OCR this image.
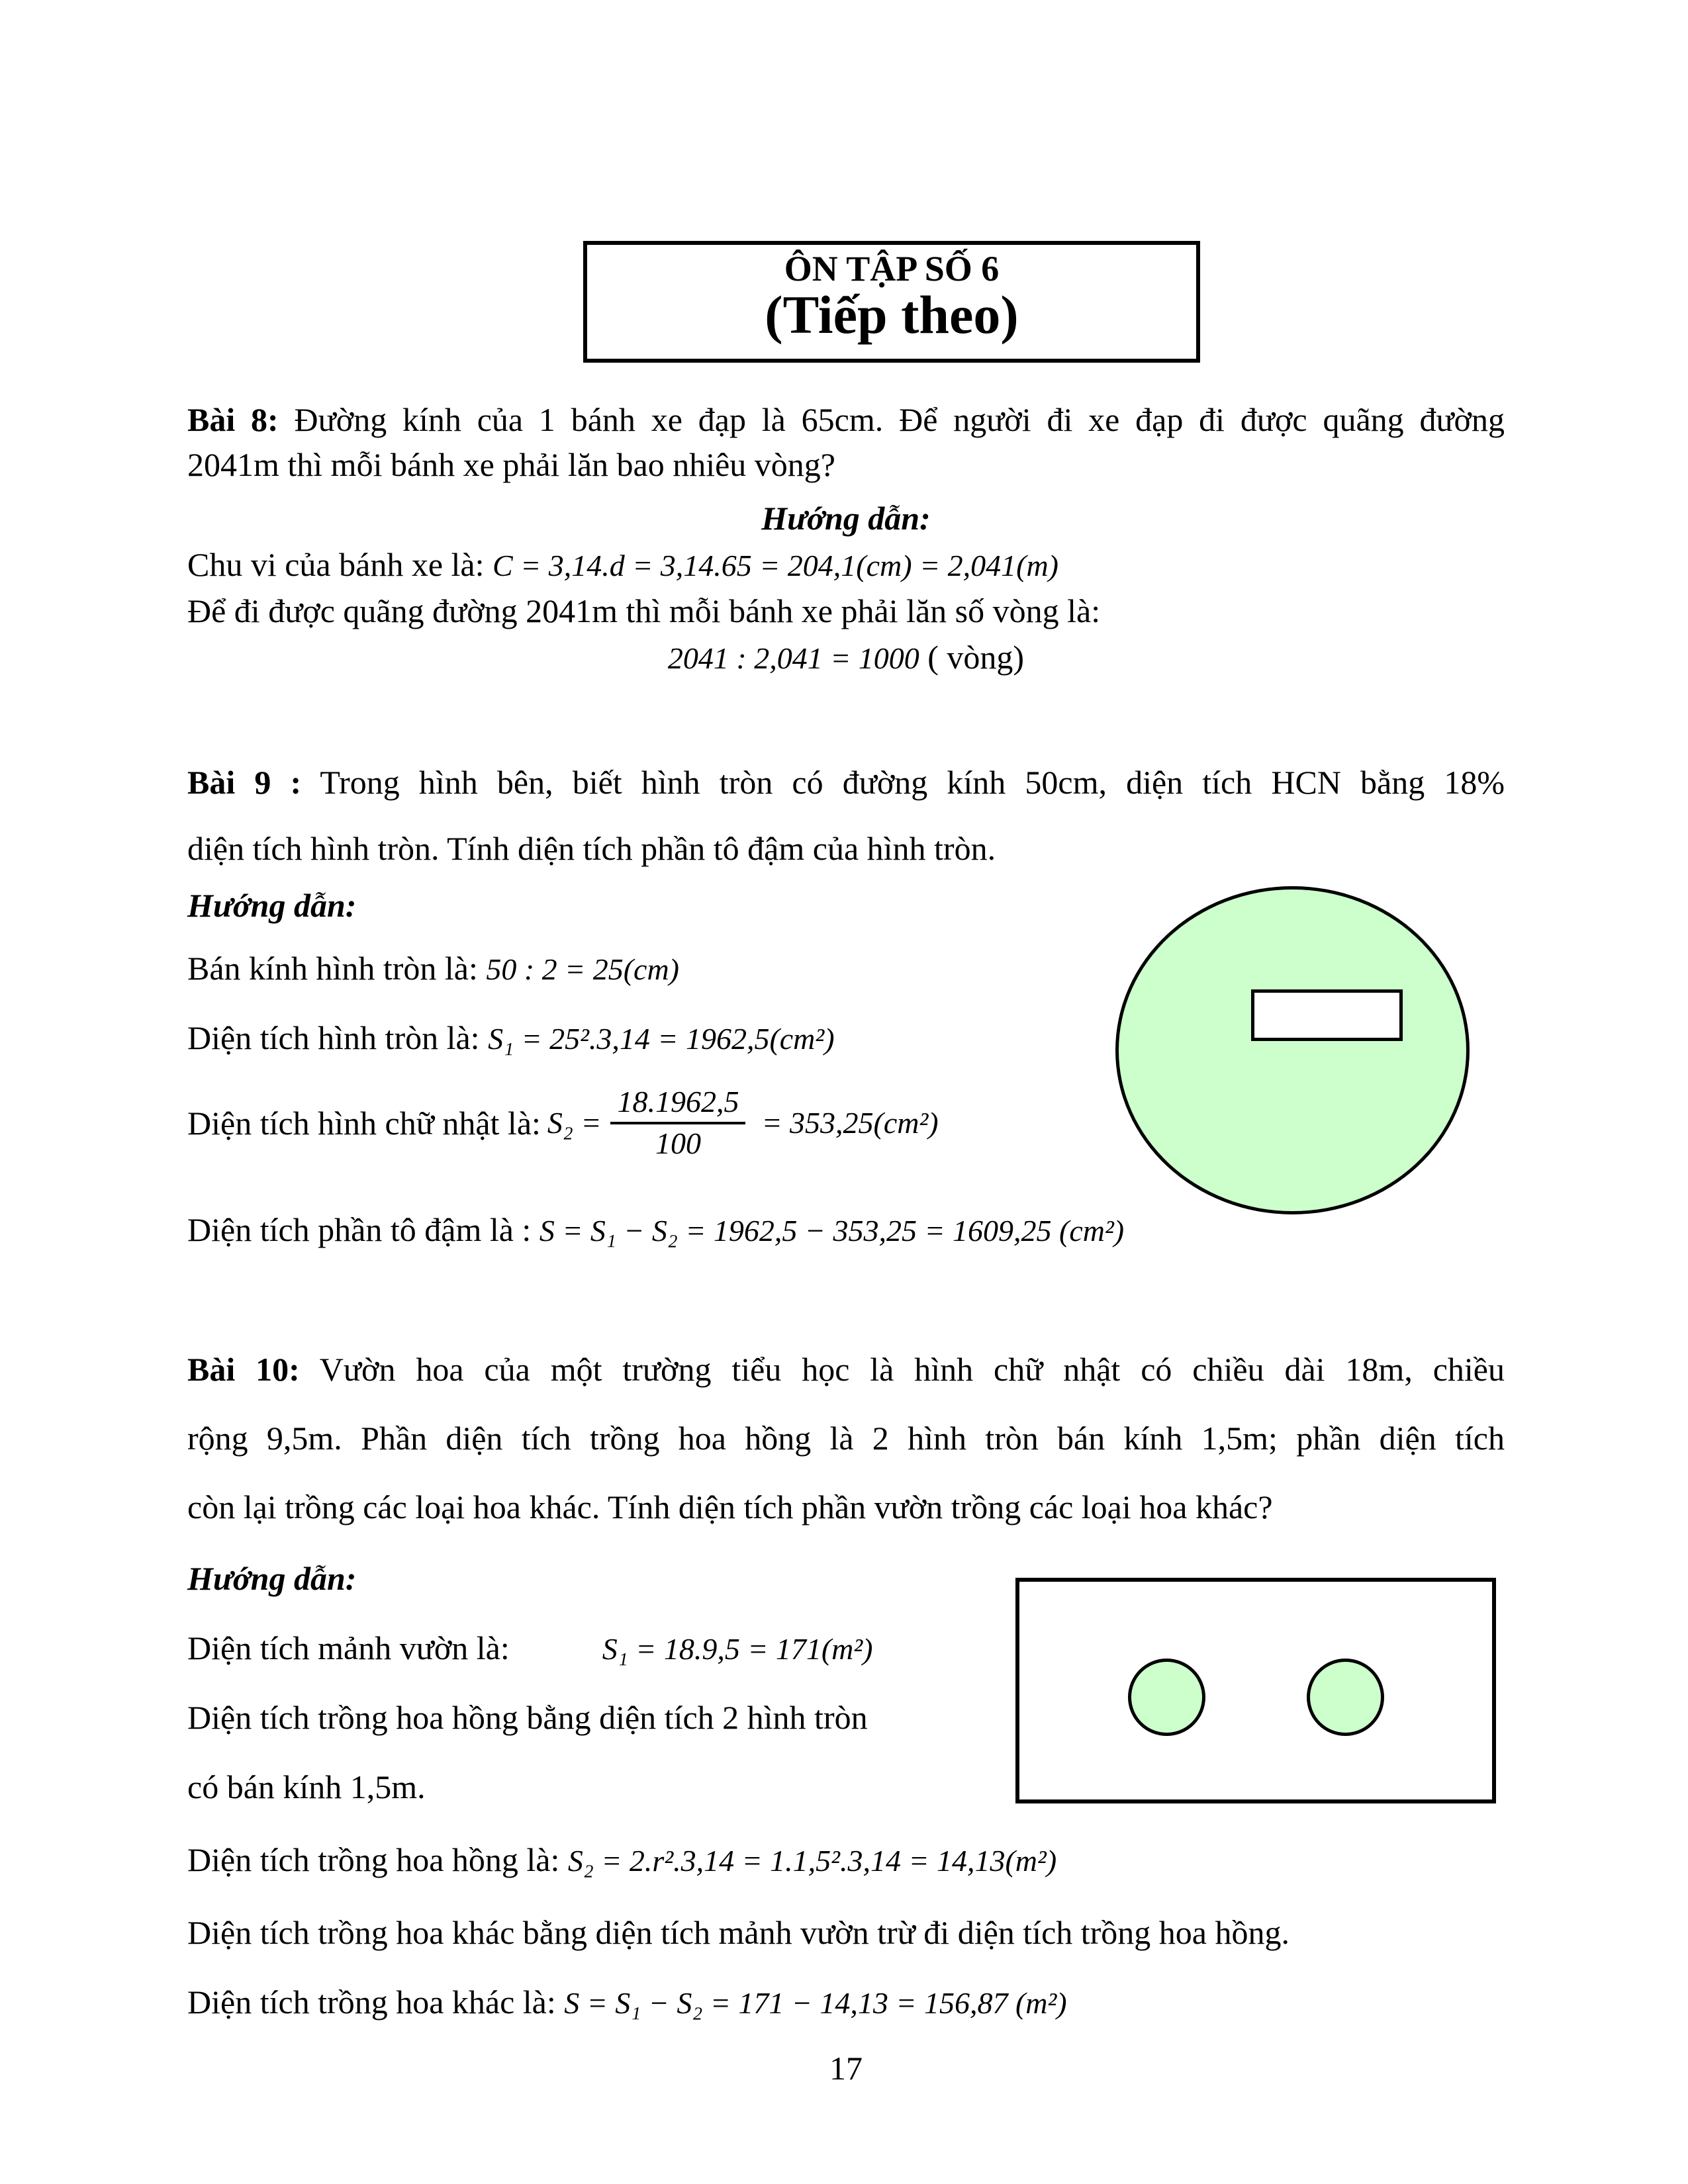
ÔN TẬP SỐ 6
(Tiếp theo)
Bài 8: Đường kính của 1 bánh xe đạp là 65cm. Để người đi xe đạp đi được quãng đường
2041m thì mỗi bánh xe phải lăn bao nhiêu vòng?
Hướng dẫn:
Chu vi của bánh xe là: C = 3,14.d = 3,14.65 = 204,1(cm) = 2,041(m)
Để đi được quãng đường 2041m thì mỗi bánh xe phải lăn số vòng là:
2041 : 2,041 = 1000 ( vòng)
Bài 9 : Trong hình bên, biết hình tròn có đường kính 50cm, diện tích HCN bằng 18%
diện tích hình tròn. Tính diện tích phần tô đậm của hình tròn.
Hướng dẫn:
Bán kính hình tròn là: 50 : 2 = 25(cm)
Diện tích hình tròn là: S₁ = 25².3,14 = 1962,5(cm²)
Diện tích hình chữ nhật là: $S_2 = \frac{18.1962,5}{100} = 353,25(cm^2)$
Diện tích phần tô đậm là : S = S₁ − S₂ = 1962,5 − 353,25 = 1609,25 (cm²)
Bài 10: Vườn hoa của một trường tiểu học là hình chữ nhật có chiều dài 18m, chiều
rộng 9,5m. Phần diện tích trồng hoa hồng là 2 hình tròn bán kính 1,5m; phần diện tích
còn lại trồng các loại hoa khác. Tính diện tích phần vườn trồng các loại hoa khác?
Hướng dẫn:
Diện tích mảnh vườn là:	S₁ = 18.9,5 = 171(m²)
Diện tích trồng hoa hồng bằng diện tích 2 hình tròn
có bán kính 1,5m.
Diện tích trồng hoa hồng là: S₂ = 2.r².3,14 = 1.1,5².3,14 = 14,13(m²)
Diện tích trồng hoa khác bằng diện tích mảnh vườn trừ đi diện tích trồng hoa hồng.
Diện tích trồng hoa khác là: S = S₁ − S₂ = 171 − 14,13 = 156,87 (m²)
17
